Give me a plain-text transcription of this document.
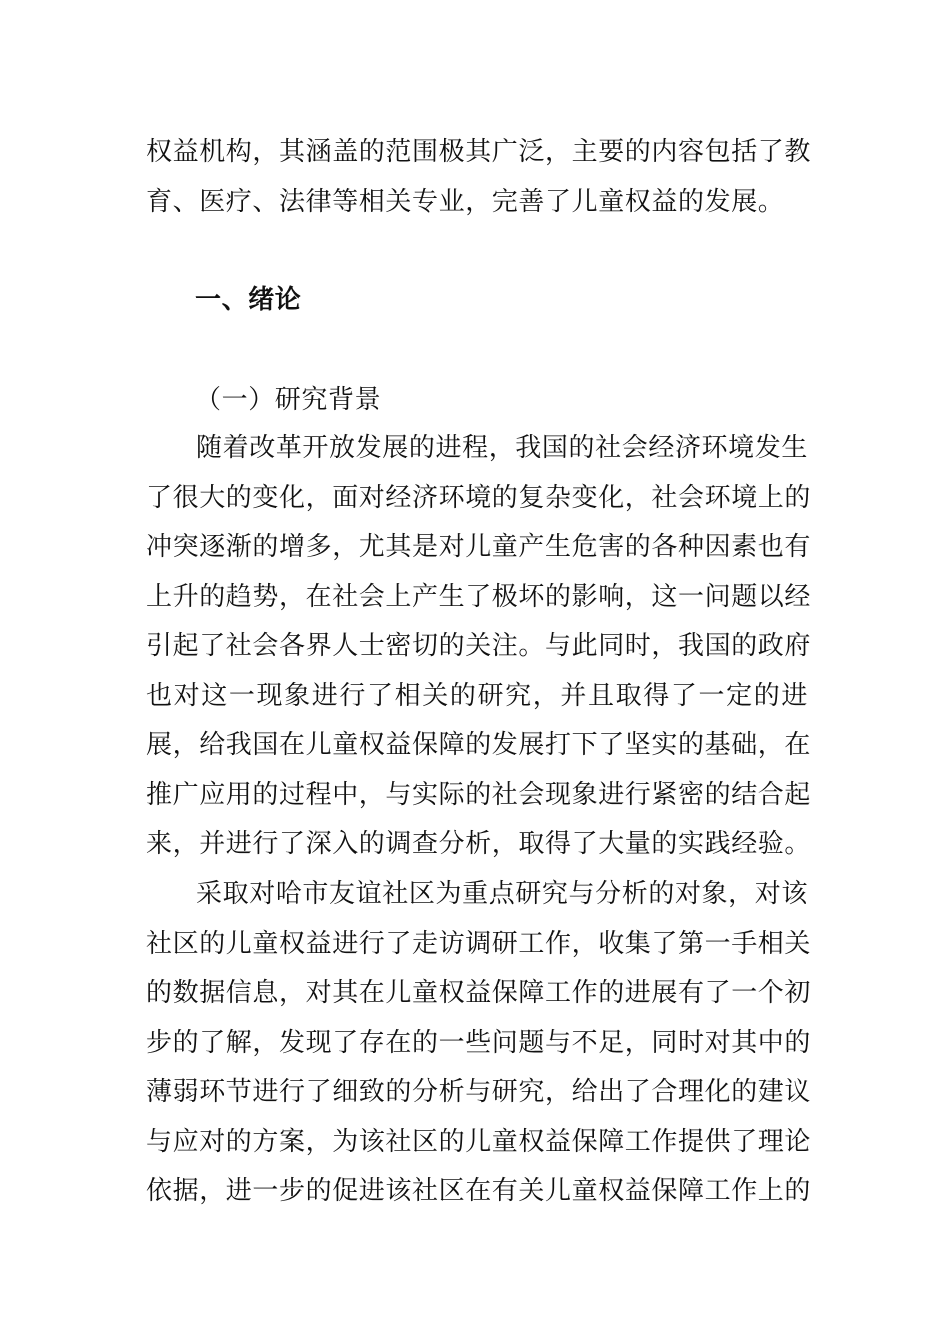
权益机构，其涵盖的范围极其广泛，主要的内容包括了教
育、医疗、法律等相关专业，完善了儿童权益的发展。
一、绪论
（一）研究背景
随着改革开放发展的进程，我国的社会经济环境发生
了很大的变化，面对经济环境的复杂变化，社会环境上的
冲突逐渐的增多，尤其是对儿童产生危害的各种因素也有
上升的趋势，在社会上产生了极坏的影响，这一问题以经
引起了社会各界人士密切的关注。与此同时，我国的政府
也对这一现象进行了相关的研究，并且取得了一定的进
展，给我国在儿童权益保障的发展打下了坚实的基础，在
推广应用的过程中，与实际的社会现象进行紧密的结合起
来，并进行了深入的调查分析，取得了大量的实践经验。
采取对哈市友谊社区为重点研究与分析的对象，对该
社区的儿童权益进行了走访调研工作，收集了第一手相关
的数据信息，对其在儿童权益保障工作的进展有了一个初
步的了解，发现了存在的一些问题与不足，同时对其中的
薄弱环节进行了细致的分析与研究，给出了合理化的建议
与应对的方案，为该社区的儿童权益保障工作提供了理论
依据，进一步的促进该社区在有关儿童权益保障工作上的
